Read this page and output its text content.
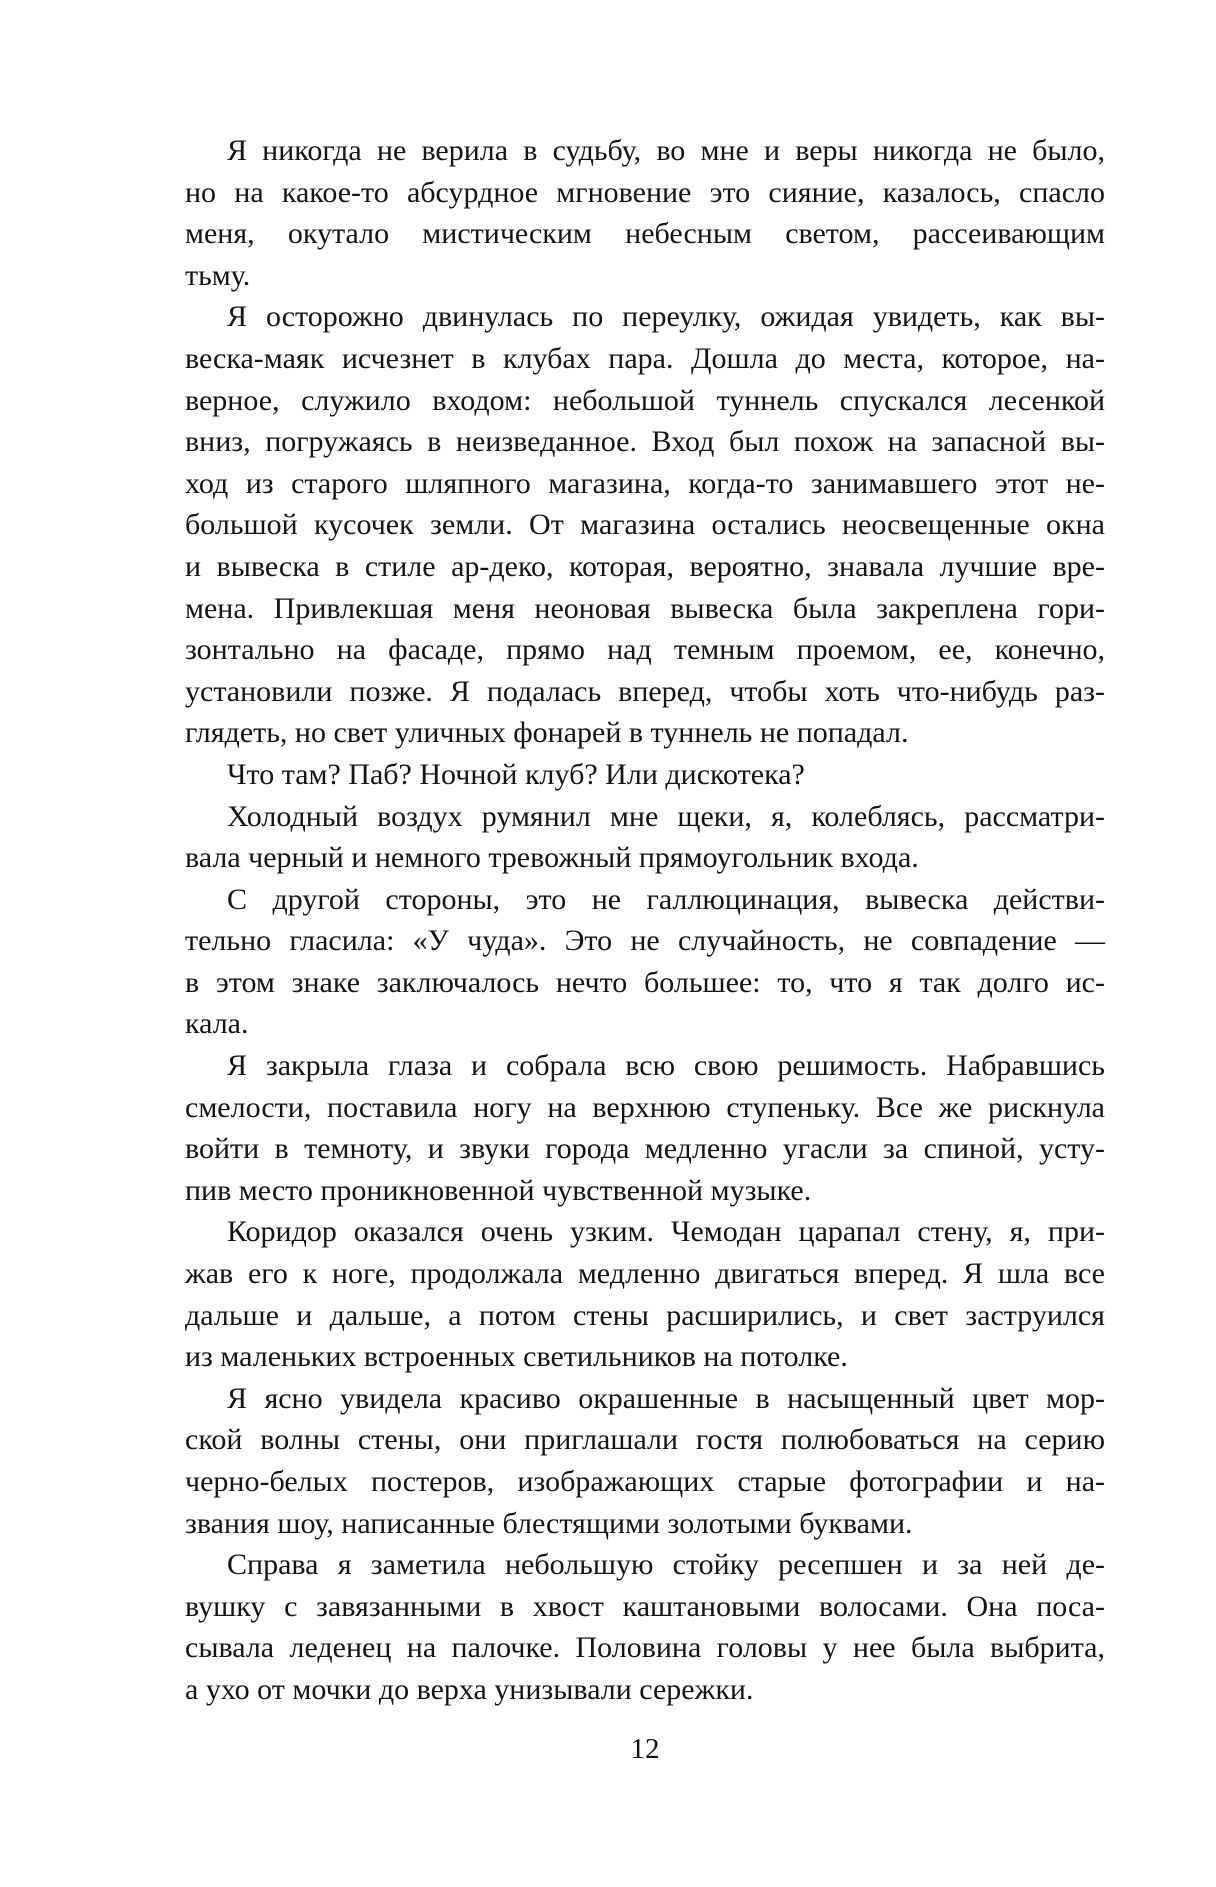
Я никогда не верила в судьбу, во мне и веры никогда не было,
но на какое-то абсурдное мгновение это сияние, казалось, спасло
меня, окутало мистическим небесным светом, рассеивающим
тьму.

Я осторожно двинулась по переулку, ожидая увидеть, как вы-
веска-маяк исчезнет в клубах пара. Дошла до места, которое, на-
верное, служило входом: небольшой туннель спускался лесенкой
вниз, погружаясь в неизведанное. Вход был похож на запасной вы-
ход из старого шляпного магазина, когда-то занимавшего этот не-
большой кусочек земли. От магазина остались неосвещенные окна
и вывеска в стиле ар-деко, которая, вероятно, знавала лучшие вре-
мена. Привлекшая меня неоновая вывеска была закреплена гори-
зонтально на фасаде, прямо над темным проемом, ее, конечно,
установили позже. Я подалась вперед, чтобы хоть что-нибудь раз-
глядеть, но свет уличных фонарей в туннель не попадал.

Что там? Паб? Ночной клуб? Или дискотека?

Холодный воздух румянил мне щеки, я, колеблясь, рассматри-
вала черный и немного тревожный прямоугольник входа.

С другой стороны, это не галлюцинация, вывеска действи-
тельно гласила: «У чуда». Это не случайность, не совпадение —
в этом знаке заключалось нечто большее: то, что я так долго ис-
кала.

Я закрыла глаза и собрала всю свою решимость. Набравшись
смелости, поставила ногу на верхнюю ступеньку. Все же рискнула
войти в темноту, и звуки города медленно угасли за спиной, усту-
пив место проникновенной чувственной музыке.

Коридор оказался очень узким. Чемодан царапал стену, я, при-
жав его к ноге, продолжала медленно двигаться вперед. Я шла все
дальше и дальше, а потом стены расширились, и свет заструился
из маленьких встроенных светильников на потолке.

Я ясно увидела красиво окрашенные в насыщенный цвет мор-
ской волны стены, они приглашали гостя полюбоваться на серию
черно-белых постеров, изображающих старые фотографии и на-
звания шоу, написанные блестящими золотыми буквами.

Справа я заметила небольшую стойку ресепшен и за ней де-
вушку с завязанными в хвост каштановыми волосами. Она поса-
сывала леденец на палочке. Половина головы у нее была выбрита,
а ухо от мочки до верха унизывали сережки.

12
